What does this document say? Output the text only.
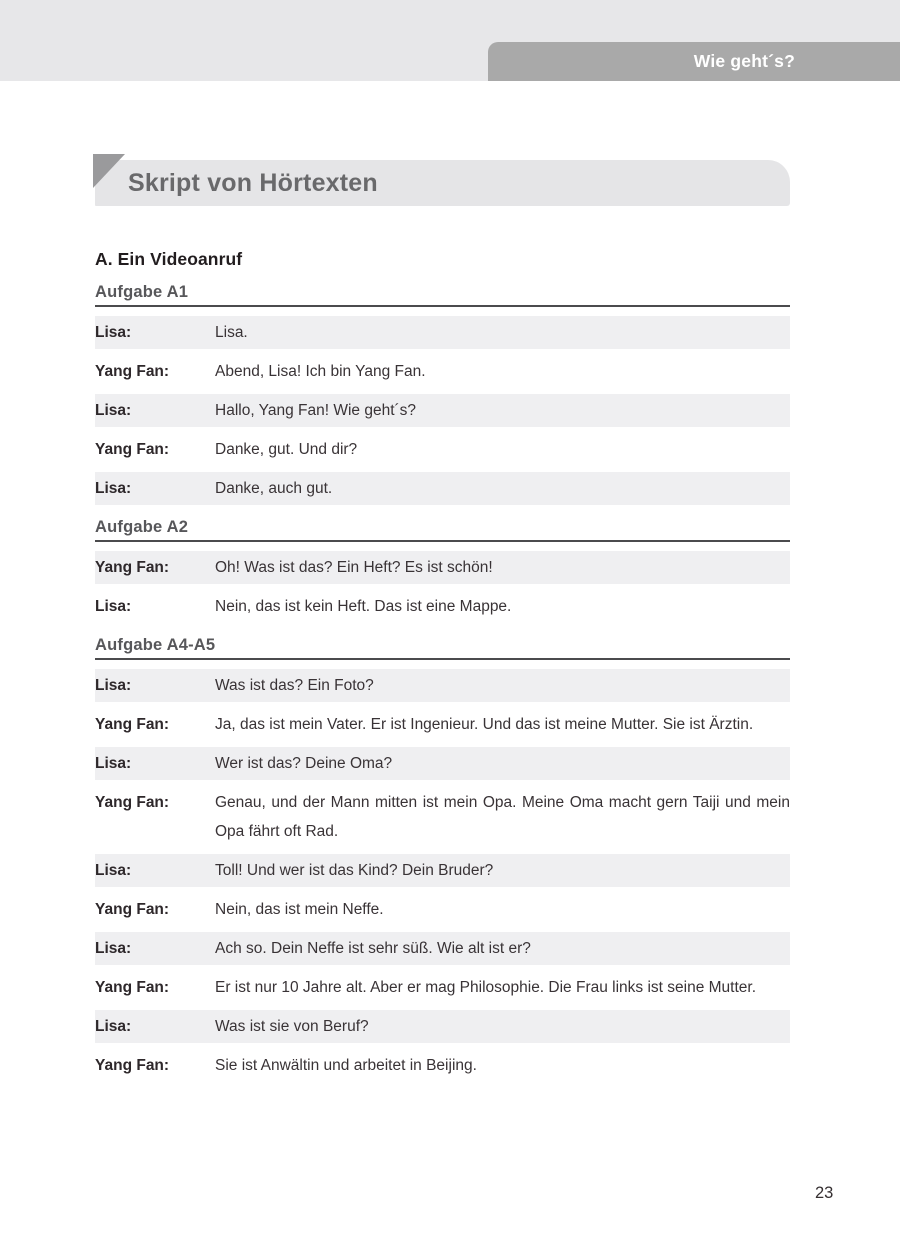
Wie geht´s?
Skript von Hörtexten
A. Ein Videoanruf
Aufgabe A1
Lisa:	Lisa.
Yang Fan:	Abend, Lisa! Ich bin Yang Fan.
Lisa:	Hallo, Yang Fan! Wie geht´s?
Yang Fan:	Danke, gut. Und dir?
Lisa:	Danke, auch gut.
Aufgabe A2
Yang Fan:	Oh! Was ist das? Ein Heft? Es ist schön!
Lisa:	Nein, das ist kein Heft. Das ist eine Mappe.
Aufgabe A4-A5
Lisa:	Was ist das? Ein Foto?
Yang Fan:	Ja, das ist mein Vater. Er ist Ingenieur. Und das ist meine Mutter. Sie ist Ärztin.
Lisa:	Wer ist das? Deine Oma?
Yang Fan:	Genau, und der Mann mitten ist mein Opa. Meine Oma macht gern Taiji und mein Opa fährt oft Rad.
Lisa:	Toll! Und wer ist das Kind? Dein Bruder?
Yang Fan:	Nein, das ist mein Neffe.
Lisa:	Ach so. Dein Neffe ist sehr süß. Wie alt ist er?
Yang Fan:	Er ist nur 10 Jahre alt. Aber er mag Philosophie. Die Frau links ist seine Mutter.
Lisa:	Was ist sie von Beruf?
Yang Fan:	Sie ist Anwältin und arbeitet in Beijing.
23
